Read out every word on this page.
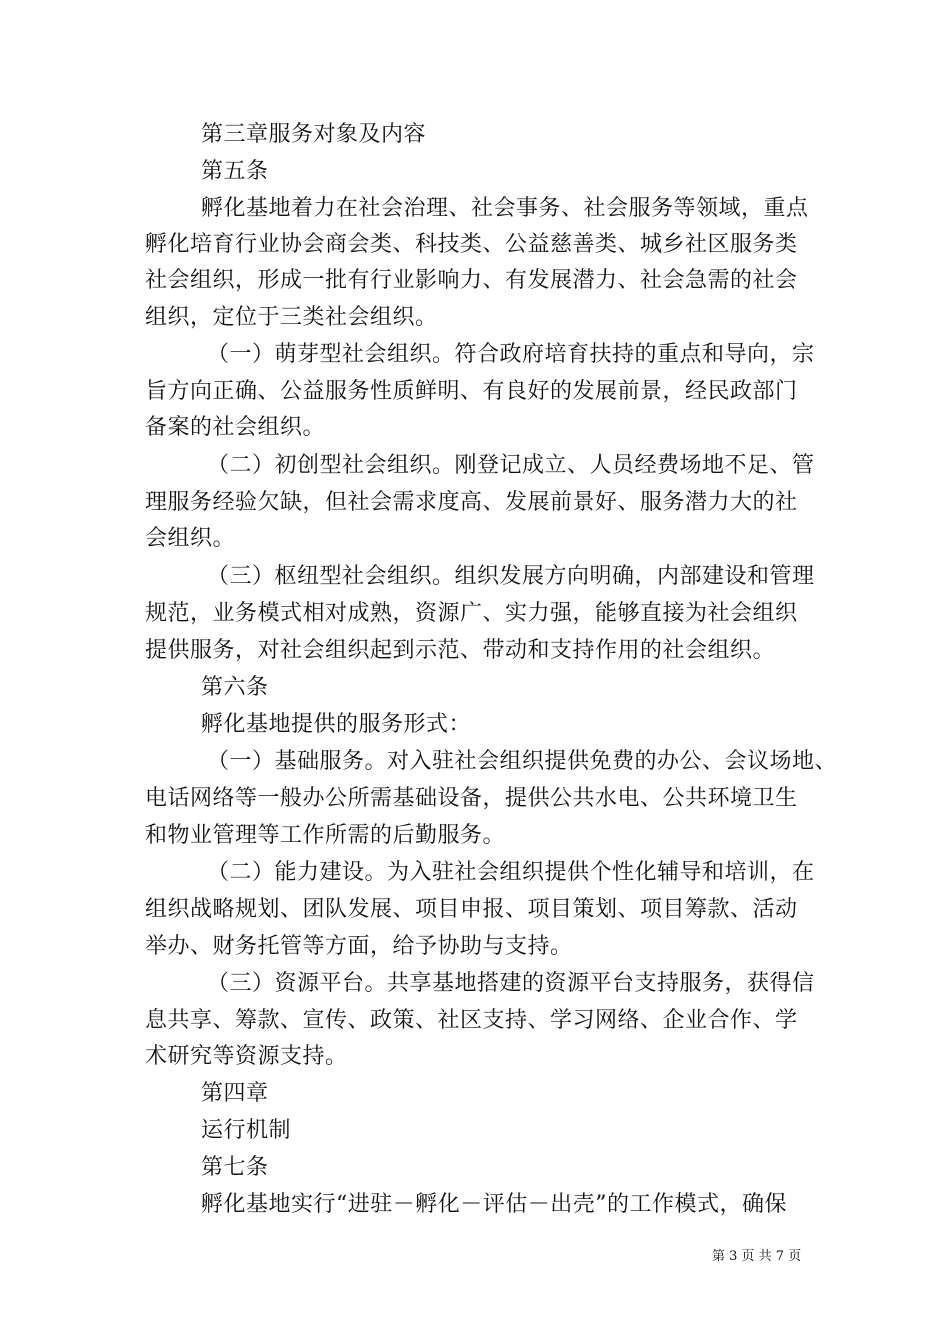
第三章服务对象及内容
第五条
孵化基地着力在社会治理、社会事务、社会服务等领域，重点
孵化培育行业协会商会类、科技类、公益慈善类、城乡社区服务类
社会组织，形成一批有行业影响力、有发展潜力、社会急需的社会
组织，定位于三类社会组织。
（一）萌芽型社会组织。符合政府培育扶持的重点和导向，宗
旨方向正确、公益服务性质鲜明、有良好的发展前景，经民政部门
备案的社会组织。
（二）初创型社会组织。刚登记成立、人员经费场地不足、管
理服务经验欠缺，但社会需求度高、发展前景好、服务潜力大的社
会组织。
（三）枢纽型社会组织。组织发展方向明确，内部建设和管理
规范，业务模式相对成熟，资源广、实力强，能够直接为社会组织
提供服务，对社会组织起到示范、带动和支持作用的社会组织。
第六条
孵化基地提供的服务形式：
（一）基础服务。对入驻社会组织提供免费的办公、会议场地、
电话网络等一般办公所需基础设备，提供公共水电、公共环境卫生
和物业管理等工作所需的后勤服务。
（二）能力建设。为入驻社会组织提供个性化辅导和培训，在
组织战略规划、团队发展、项目申报、项目策划、项目筹款、活动
举办、财务托管等方面，给予协助与支持。
（三）资源平台。共享基地搭建的资源平台支持服务，获得信
息共享、筹款、宣传、政策、社区支持、学习网络、企业合作、学
术研究等资源支持。
第四章
运行机制
第七条
孵化基地实行“进驻－孵化－评估－出壳”的工作模式，确保
第 3 页 共 7 页
